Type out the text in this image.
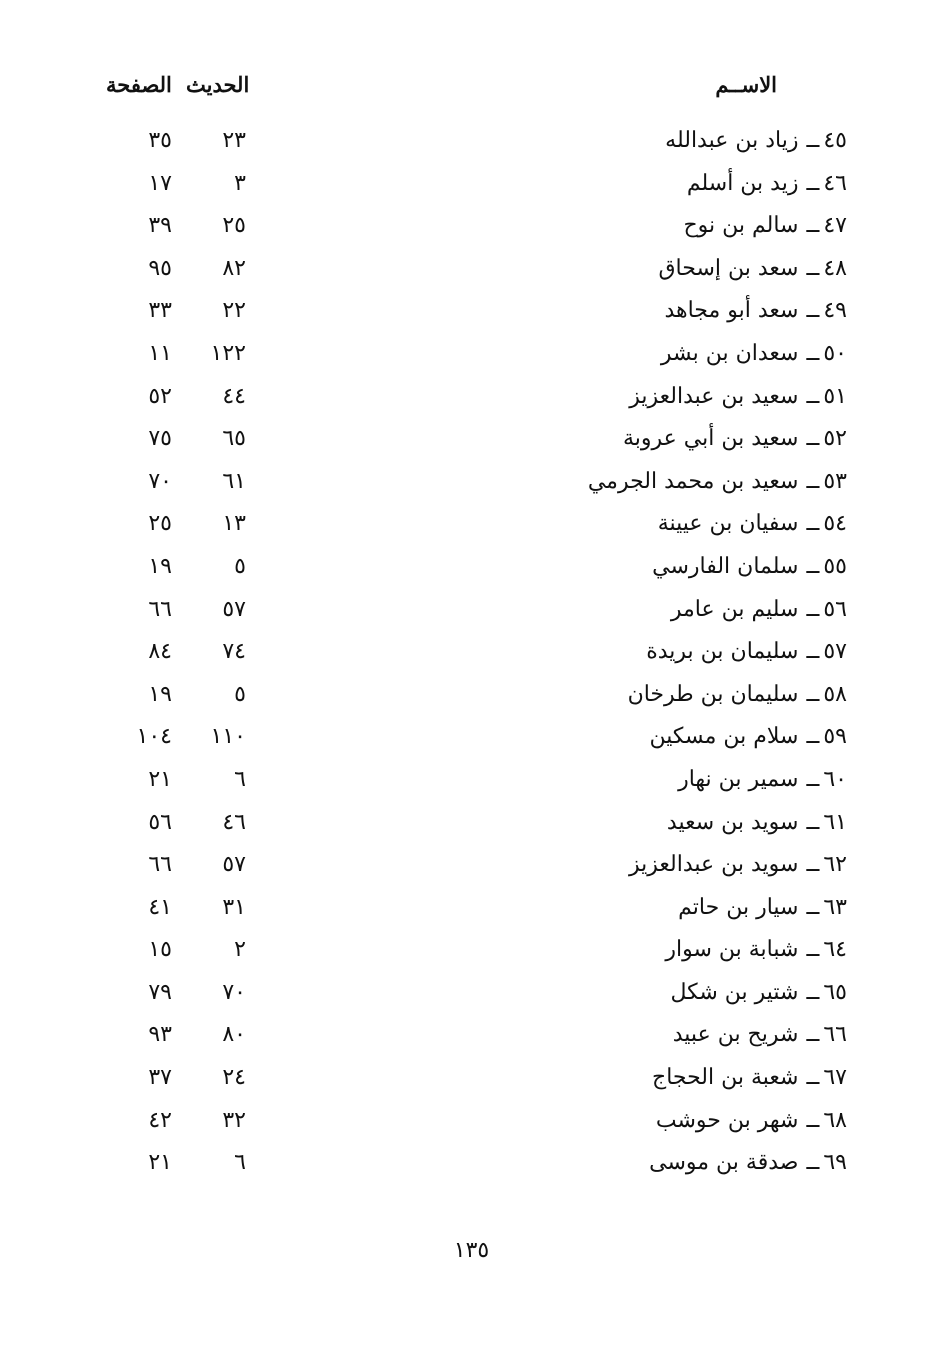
الاســم
الحديث
الصفحة
٤٥ــزياد بن عبدالله
٢٣
٣٥
٤٦ــزيد بن أسلم
٣
١٧
٤٧ــسالم بن نوح
٢٥
٣٩
٤٨ــسعد بن إسحاق
٨٢
٩٥
٤٩ــسعد أبو مجاهد
٢٢
٣٣
٥٠ــسعدان بن بشر
١٢٢
١١
٥١ــسعيد بن عبدالعزيز
٤٤
٥٢
٥٢ــسعيد بن أبي عروبة
٦٥
٧٥
٥٣ــسعيد بن محمد الجرمي
٦١
٧٠
٥٤ــسفيان بن عيينة
١٣
٢٥
٥٥ــسلمان الفارسي
٥
١٩
٥٦ــسليم بن عامر
٥٧
٦٦
٥٧ــسليمان بن بريدة
٧٤
٨٤
٥٨ــسليمان بن طرخان
٥
١٩
٥٩ــسلام بن مسكين
١١٠
١٠٤
٦٠ــسمير بن نهار
٦
٢١
٦١ــسويد بن سعيد
٤٦
٥٦
٦٢ــسويد بن عبدالعزيز
٥٧
٦٦
٦٣ــسيار بن حاتم
٣١
٤١
٦٤ــشبابة بن سوار
٢
١٥
٦٥ــشتير بن شكل
٧٠
٧٩
٦٦ــشريح بن عبيد
٨٠
٩٣
٦٧ــشعبة بن الحجاج
٢٤
٣٧
٦٨ــشهر بن حوشب
٣٢
٤٢
٦٩ــصدقة بن موسى
٦
٢١
١٣٥
